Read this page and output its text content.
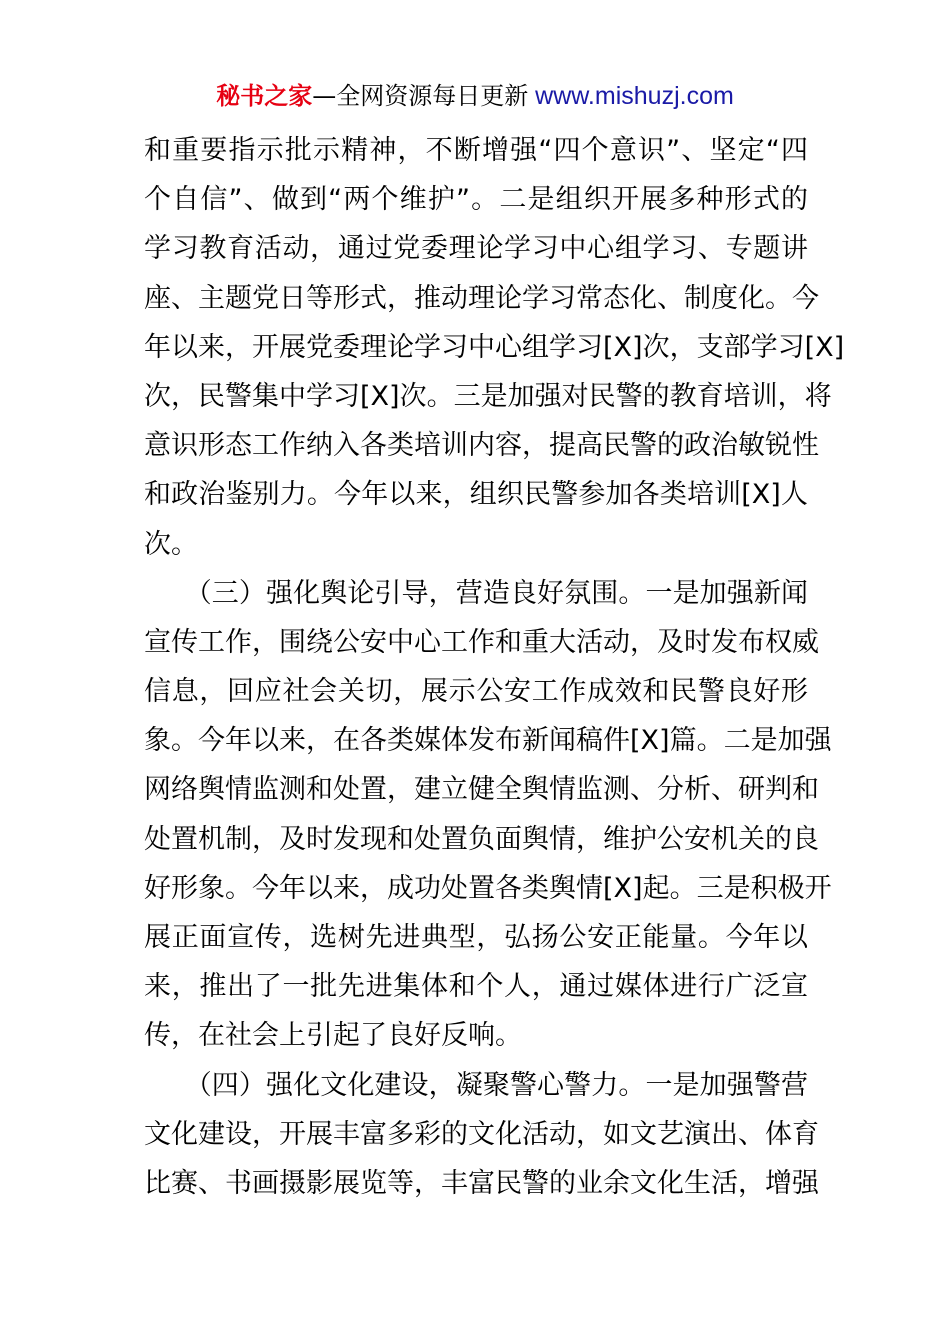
秘书之家—全网资源每日更新 www.mishuzj.com
和重要指示批示精神，不断增强“四个意识”、坚定“四
个自信”、做到“两个维护”。二是组织开展多种形式的
学习教育活动，通过党委理论学习中心组学习、专题讲
座、主题党日等形式，推动理论学习常态化、制度化。今
年以来，开展党委理论学习中心组学习[X]次，支部学习[X]
次，民警集中学习[X]次。三是加强对民警的教育培训，将
意识形态工作纳入各类培训内容，提高民警的政治敏锐性
和政治鉴别力。今年以来，组织民警参加各类培训[X]人
次。
　　（三）强化舆论引导，营造良好氛围。一是加强新闻
宣传工作，围绕公安中心工作和重大活动，及时发布权威
信息，回应社会关切，展示公安工作成效和民警良好形
象。今年以来，在各类媒体发布新闻稿件[X]篇。二是加强
网络舆情监测和处置，建立健全舆情监测、分析、研判和
处置机制，及时发现和处置负面舆情，维护公安机关的良
好形象。今年以来，成功处置各类舆情[X]起。三是积极开
展正面宣传，选树先进典型，弘扬公安正能量。今年以
来，推出了一批先进集体和个人，通过媒体进行广泛宣
传，在社会上引起了良好反响。
　　（四）强化文化建设，凝聚警心警力。一是加强警营
文化建设，开展丰富多彩的文化活动，如文艺演出、体育
比赛、书画摄影展览等，丰富民警的业余文化生活，增强
